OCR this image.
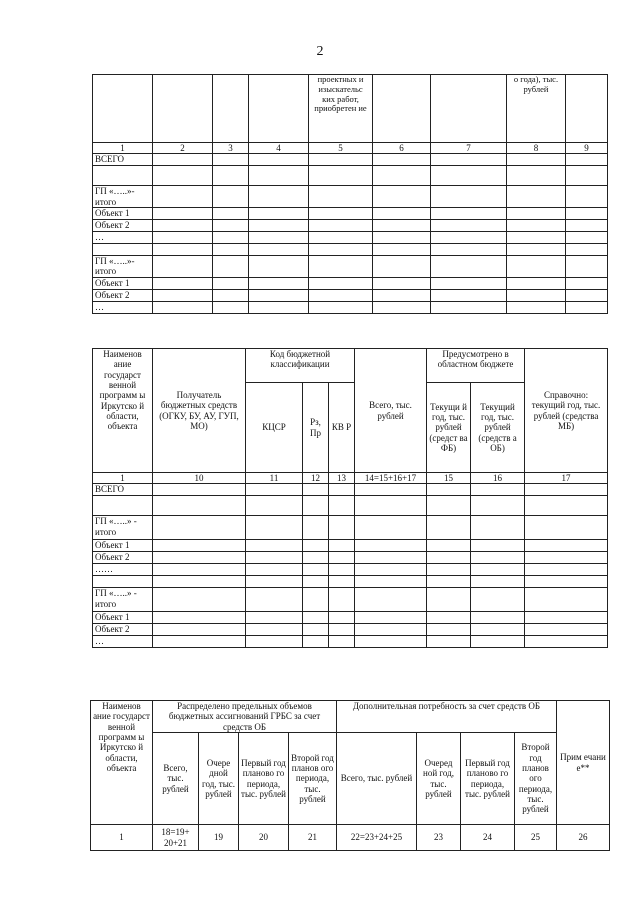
2
				проектных и изыскательс ких работ, приобретен ие			о года), тыс. рублей	
1	2	3	4	5	6	7	8	9
ВСЕГО								

ГП «…..»-итого								
Объект 1								
Объект 2								
…								

ГП «…..»-итого								
Объект 1								
Объект 2								
…								
Наименов ание государст венной программ ы Иркутско й области, объекта	Получатель бюджетных средств (ОГКУ, БУ, АУ, ГУП, МО)	Код бюджетной классификации			Всего, тыс. рублей	Предусмотрено в областном бюджете		Справочно: текущий год, тыс. рублей (средства МБ)
		КЦСР	Рз, Пр	КВ Р		Текущи й год, тыс. рублей (средст ва ФБ)	Текущий год, тыс. рублей (средств а ОБ)	
1	10	11	12	13	14=15+16+17	15	16	17
ВСЕГО								

ГП «…..» - итого								
Объект 1								
Объект 2								
……								

ГП «…..» - итого								
Объект 1								
Объект 2								
…								
Наименов ание государст венной программ ы Иркутско й области, объекта	Распределено предельных объемов бюджетных ассигнований ГРБС за счет средств ОБ				Дополнительная потребность за счет средств ОБ				Прим ечани е**
	Всего, тыс. рублей	Очере дной год, тыс. рублей	Первый год планово го периода, тыс. рублей	Второй год планов ого периода, тыс. рублей	Всего, тыс. рублей	Очеред ной год, тыс. рублей	Первый год планово го периода, тыс. рублей	Второй год планов ого периода, тыс. рублей	
1	18=19+ 20+21	19	20	21	22=23+24+25	23	24	25	26
